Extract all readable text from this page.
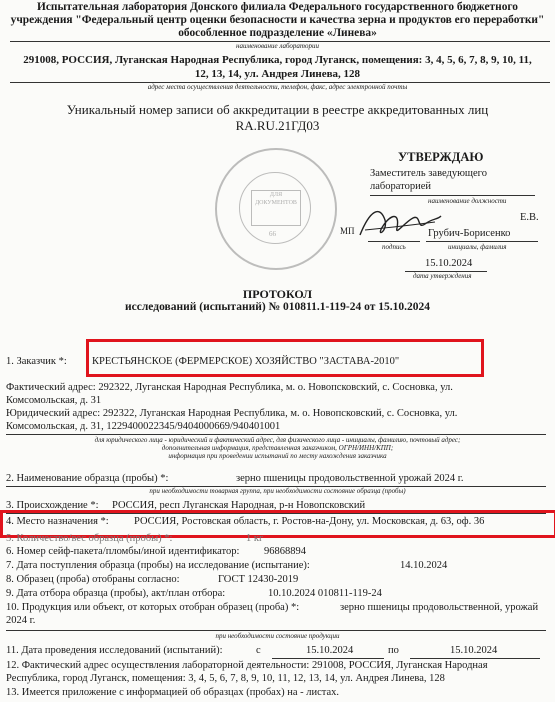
Испытательная лаборатория Донского филиала Федерального государственного бюджетного
учреждения "Федеральный центр оценки безопасности и качества зерна и продуктов его переработки"
обособленное подразделение «Линева»
наименование лаборатории
291008, РОССИЯ, Луганская Народная Республика, город Луганск, помещения: 3, 4, 5, 6, 7, 8, 9, 10, 11,
12, 13, 14, ул. Андрея Линева, 128
адрес места осуществления деятельности, телефон, факс, адрес электронной почты
Уникальный номер записи об аккредитации в реестре аккредитованных лиц
RA.RU.21ГД03
ДЛЯ
ДОКУМЕНТОВ
66
УТВЕРЖДАЮ
Заместитель заведующего
лабораторией
наименование должности
Е.В.
МП
подпись
Грубич-Борисенко
инициалы, фамилия
15.10.2024
дата утверждения
ПРОТОКОЛ
исследований (испытаний) № 010811.1-119-24 от 15.10.2024
1. Заказчик *: КРЕСТЬЯНСКОЕ (ФЕРМЕРСКОЕ) ХОЗЯЙСТВО "ЗАСТАВА-2010"
Фактический адрес: 292322, Луганская Народная Республика, м. о. Новопсковский, с. Сосновка, ул.
Комсомольская, д. 31
Юридический адрес: 292322, Луганская Народная Республика, м. о. Новопсковский, с. Сосновка, ул.
Комсомольская, д. 31, 1229400022345/9404000669/940401001
для юридического лица - юридический и фактический адрес, для физического лица - инициалы, фамилию, почтовый адрес;
дополнительная информация, представленная заказчиком, ОГРН/ИНН/КПП;
информация при проведении испытаний по месту нахождения заказчика
2. Наименование образца (пробы) *:	зерно пшеницы продовольственной урожай 2024 г.
при необходимости товарная группа, при необходимости состояние образца (пробы)
3. Происхождение *: РОССИЯ, респ Луганская Народная, р-н Новопсковский
4. Место назначения *: РОССИЯ, Ростовская область, г. Ростов-на-Дону, ул. Московская, д. 63, оф. 36
5. Количество/вес образца (пробы) *:	1 кг
6. Номер сейф-пакета/пломбы/иной идентификатор: 96868894
7. Дата поступления образца (пробы) на исследование (испытание):	14.10.2024
8. Образец (проба) отобраны согласно:	ГОСТ 12430-2019
9. Дата отбора образца (пробы), акт/план отбора:	10.10.2024 010811-119-24
10. Продукция или объект, от которых отобран образец (проба) *:	зерно пшеницы продовольственной, урожай
2024 г.
при необходимости состояние продукции
11. Дата проведения исследований (испытаний):	с	15.10.2024	по	15.10.2024
12. Фактический адрес осуществления лабораторной деятельности: 291008, РОССИЯ, Луганская Народная
Республика, город Луганск, помещения: 3, 4, 5, 6, 7, 8, 9, 10, 11, 12, 13, 14, ул. Андрея Линева, 128
13. Имеется приложение с информацией об образцах (пробах) на - листах.
